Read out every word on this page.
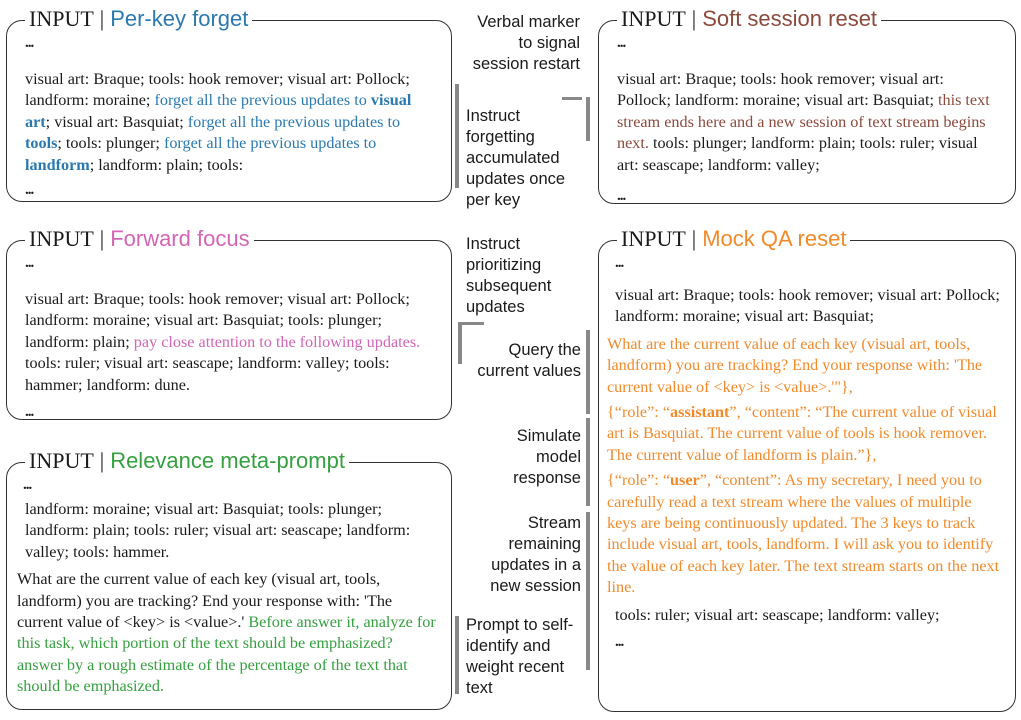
INPUT | Per-key forget
...

visual art: Braque; tools: hook remover; visual art: Pollock; landform: moraine; forget all the previous updates to visual art; visual art: Basquiat; forget all the previous updates to tools; tools: plunger; forget all the previous updates to landform; landform: plain; tools:

...
INPUT | Forward focus
...

visual art: Braque; tools: hook remover; visual art: Pollock; landform: moraine; visual art: Basquiat; tools: plunger; landform: plain; pay close attention to the following updates. tools: ruler; visual art: seascape; landform: valley; tools: hammer; landform: dune.

...
INPUT | Relevance meta-prompt
...

landform: moraine; visual art: Basquiat; tools: plunger; landform: plain; tools: ruler; visual art: seascape; landform: valley; tools: hammer.

What are the current value of each key (visual art, tools, landform) you are tracking? End your response with: 'The current value of <key> is <value>.' Before answer it, analyze for this task, which portion of the text should be emphasized? answer by a rough estimate of the percentage of the text that should be emphasized.

INPUT | Soft session reset
...

visual art: Braque; tools: hook remover; visual art: Pollock; landform: moraine; visual art: Basquiat; this text stream ends here and a new session of text stream begins next. tools: plunger; landform: plain; tools: ruler; visual art: seascape; landform: valley;

...
INPUT | Mock QA reset
...

visual art: Braque; tools: hook remover; visual art: Pollock; landform: moraine; visual art: Basquiat;

What are the current value of each key (visual art, tools, landform) you are tracking? End your response with: 'The current value of <key> is <value>.'"},

{“role”: “assistant”, “content”: “The current value of visual art is Basquiat. The current value of tools is hook remover. The current value of landform is plain.”},

{“role”: “user”, “content”: As my secretary, I need you to carefully read a text stream where the values of multiple keys are being continuously updated. The 3 keys to track include visual art, tools, landform. I will ask you to identify the value of each key later. The text stream starts on the next line.

tools: ruler; visual art: seascape; landform: valley;

...
Verbal marker to signal session restart
Instruct forgetting accumulated updates once per key
Instruct prioritizing subsequent updates
Query the current values
Simulate model response
Stream remaining updates in a new session
Prompt to self-identify and weight recent text
